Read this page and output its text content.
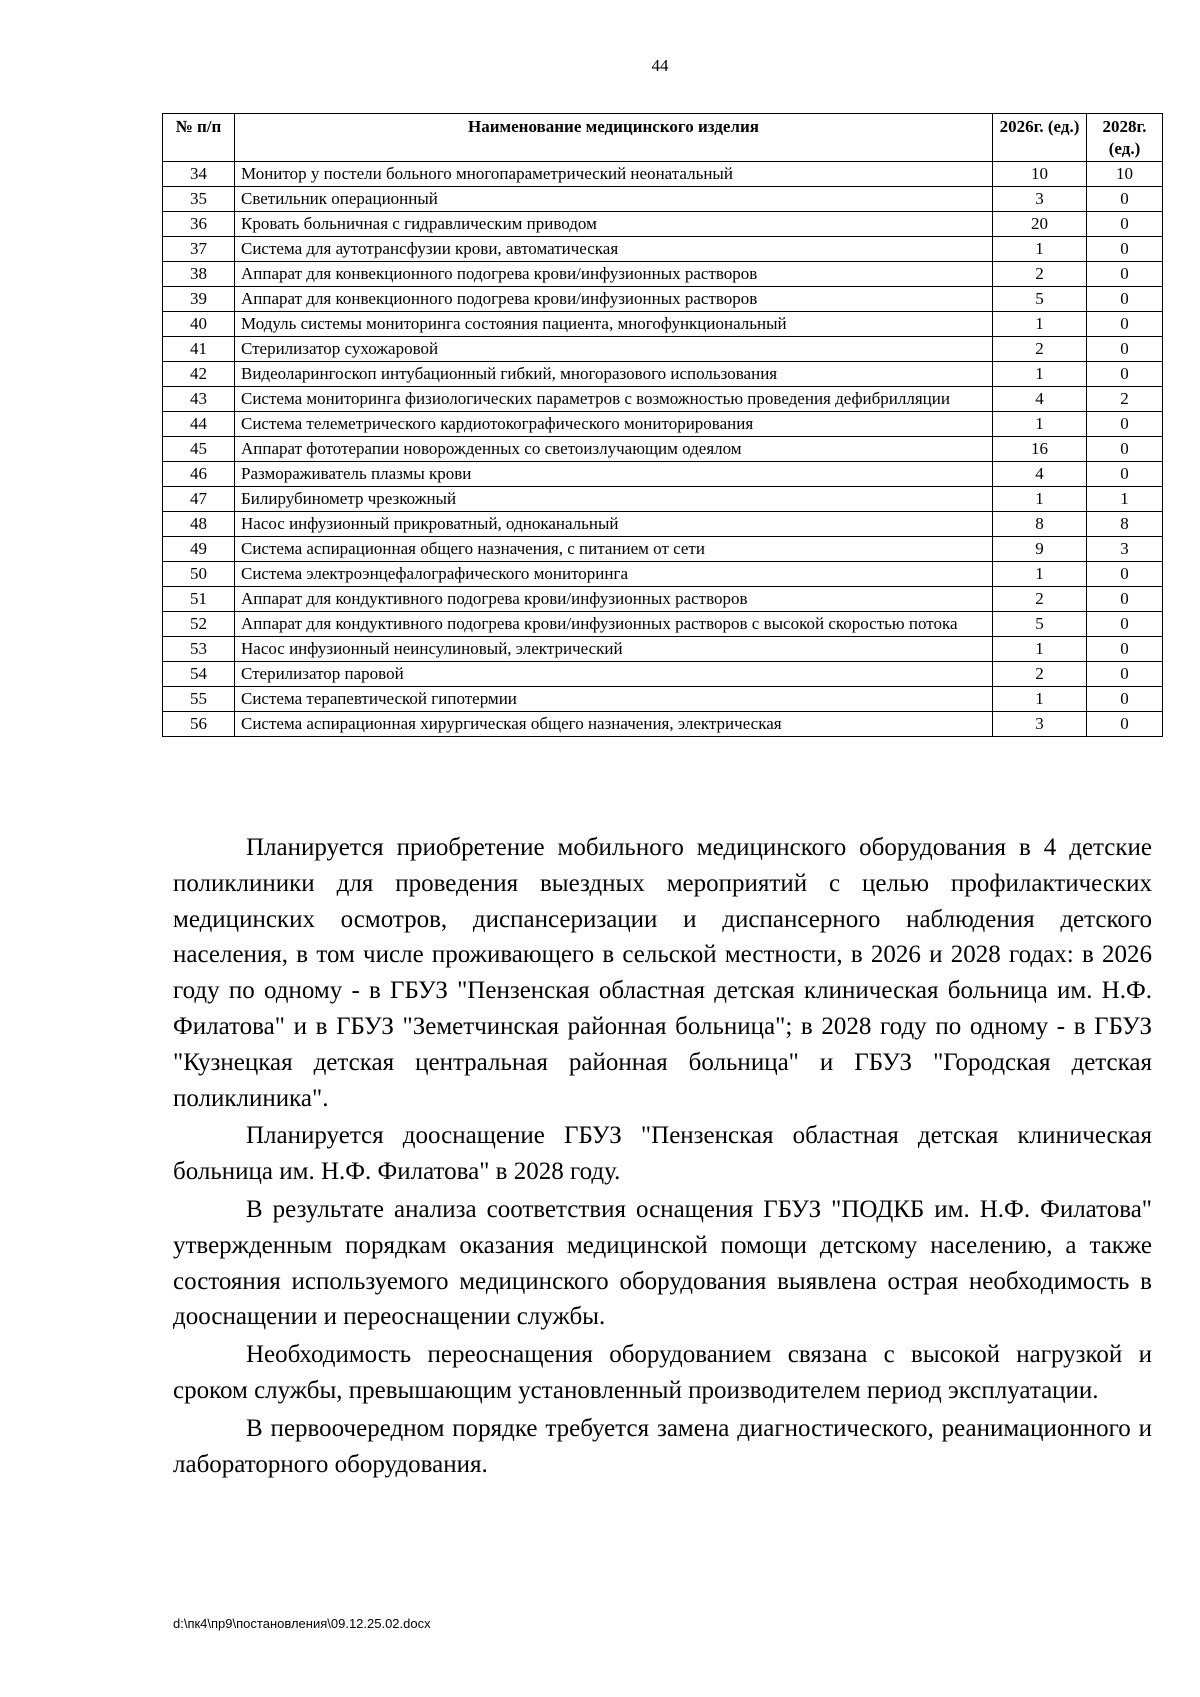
44
№ п/п	Наименование медицинского изделия	2026г. (ед.)	2028г. (ед.)
34	Монитор у постели больного многопараметрический неонатальный	10	10
35	Светильник операционный	3	0
36	Кровать больничная с гидравлическим приводом	20	0
37	Система для аутотрансфузии крови, автоматическая	1	0
38	Аппарат для конвекционного подогрева крови/инфузионных растворов	2	0
39	Аппарат для конвекционного подогрева крови/инфузионных растворов	5	0
40	Модуль системы мониторинга состояния пациента, многофункциональный	1	0
41	Стерилизатор сухожаровой	2	0
42	Видеоларингоскоп интубационный гибкий, многоразового использования	1	0
43	Система мониторинга физиологических параметров с возможностью проведения дефибрилляции	4	2
44	Система телеметрического кардиотокографического мониторирования	1	0
45	Аппарат фототерапии новорожденных со светоизлучающим одеялом	16	0
46	Размораживатель плазмы крови	4	0
47	Билирубинометр чрезкожный	1	1
48	Насос инфузионный прикроватный, одноканальный	8	8
49	Система аспирационная общего назначения, с питанием от сети	9	3
50	Система электроэнцефалографического мониторинга	1	0
51	Аппарат для кондуктивного подогрева крови/инфузионных растворов	2	0
52	Аппарат для кондуктивного подогрева крови/инфузионных растворов с высокой скоростью потока	5	0
53	Насос инфузионный неинсулиновый, электрический	1	0
54	Стерилизатор паровой	2	0
55	Система терапевтической гипотермии	1	0
56	Система аспирационная хирургическая общего назначения, электрическая	3	0

Планируется приобретение мобильного медицинского оборудования в 4 детские поликлиники для проведения выездных мероприятий с целью профилактических медицинских осмотров, диспансеризации и диспансерного наблюдения детского населения, в том числе проживающего в сельской местности, в 2026 и 2028 годах: в 2026 году по одному - в ГБУЗ "Пензенская областная детская клиническая больница им. Н.Ф. Филатова" и в ГБУЗ "Земетчинская районная больница"; в 2028 году по одному - в ГБУЗ "Кузнецкая детская центральная районная больница" и ГБУЗ "Городская детская поликлиника".

Планируется дооснащение ГБУЗ "Пензенская областная детская клиническая больница им. Н.Ф. Филатова" в 2028 году.

В результате анализа соответствия оснащения ГБУЗ "ПОДКБ им. Н.Ф. Филатова" утвержденным порядкам оказания медицинской помощи детскому населению, а также состояния используемого медицинского оборудования выявлена острая необходимость в дооснащении и переоснащении службы.

Необходимость переоснащения оборудованием связана с высокой нагрузкой и сроком службы, превышающим установленный производителем период эксплуатации.

В первоочередном порядке требуется замена диагностического, реанимационного и лабораторного оборудования.

d:\пк4\пр9\постановления\09.12.25.02.docx
